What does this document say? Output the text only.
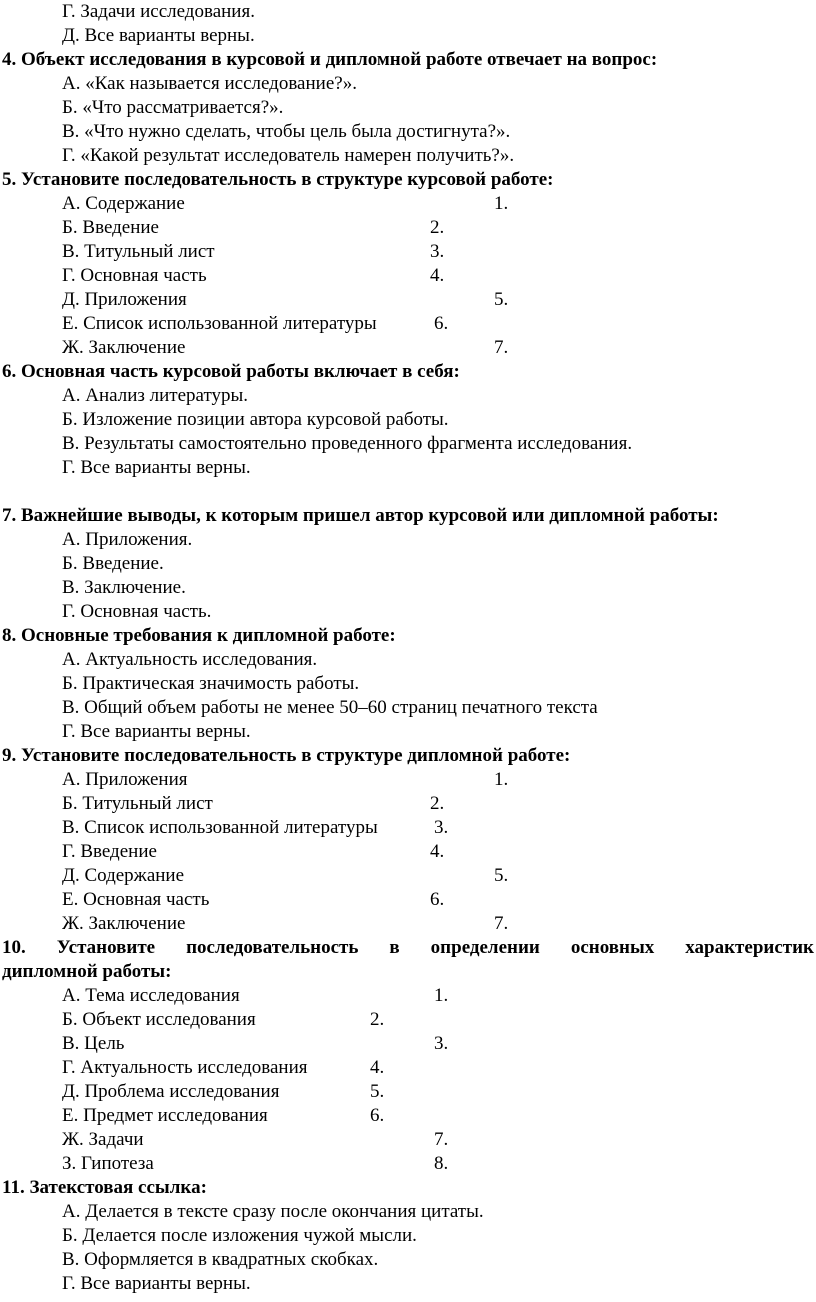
Г. Задачи исследования.
Д. Все варианты верны.
4. Объект исследования в курсовой и дипломной работе отвечает на вопрос:
А. «Как называется исследование?».
Б. «Что рассматривается?».
В. «Что нужно сделать, чтобы цель была достигнута?».
Г. «Какой результат исследователь намерен получить?».
5. Установите последовательность в структуре курсовой работе:
А. Содержание	1.
Б. Введение	2.
В. Титульный лист	3.
Г. Основная часть	4.
Д. Приложения	5.
Е. Список использованной литературы	6.
Ж. Заключение	7.
6. Основная часть курсовой работы включает в себя:
А. Анализ литературы.
Б. Изложение позиции автора курсовой работы.
В. Результаты самостоятельно проведенного фрагмента исследования.
Г. Все варианты верны.
7. Важнейшие выводы, к которым пришел автор курсовой или дипломной работы:
А. Приложения.
Б. Введение.
В. Заключение.
Г. Основная часть.
8. Основные требования к дипломной работе:
А. Актуальность исследования.
Б. Практическая значимость работы.
В. Общий объем работы не менее 50–60 страниц печатного текста
Г. Все варианты верны.
9. Установите последовательность в структуре дипломной работе:
А. Приложения	1.
Б. Титульный лист	2.
В. Список использованной литературы	3.
Г. Введение	4.
Д. Содержание	5.
Е. Основная часть	6.
Ж. Заключение	7.
10. Установите последовательность в определении основных характеристик
дипломной работы:
А. Тема исследования	1.
Б. Объект исследования	2.
В. Цель	3.
Г. Актуальность исследования	4.
Д. Проблема исследования	5.
Е. Предмет исследования	6.
Ж. Задачи	7.
З. Гипотеза	8.
11. Затекстовая ссылка:
А. Делается в тексте сразу после окончания цитаты.
Б. Делается после изложения чужой мысли.
В. Оформляется в квадратных скобках.
Г. Все варианты верны.
